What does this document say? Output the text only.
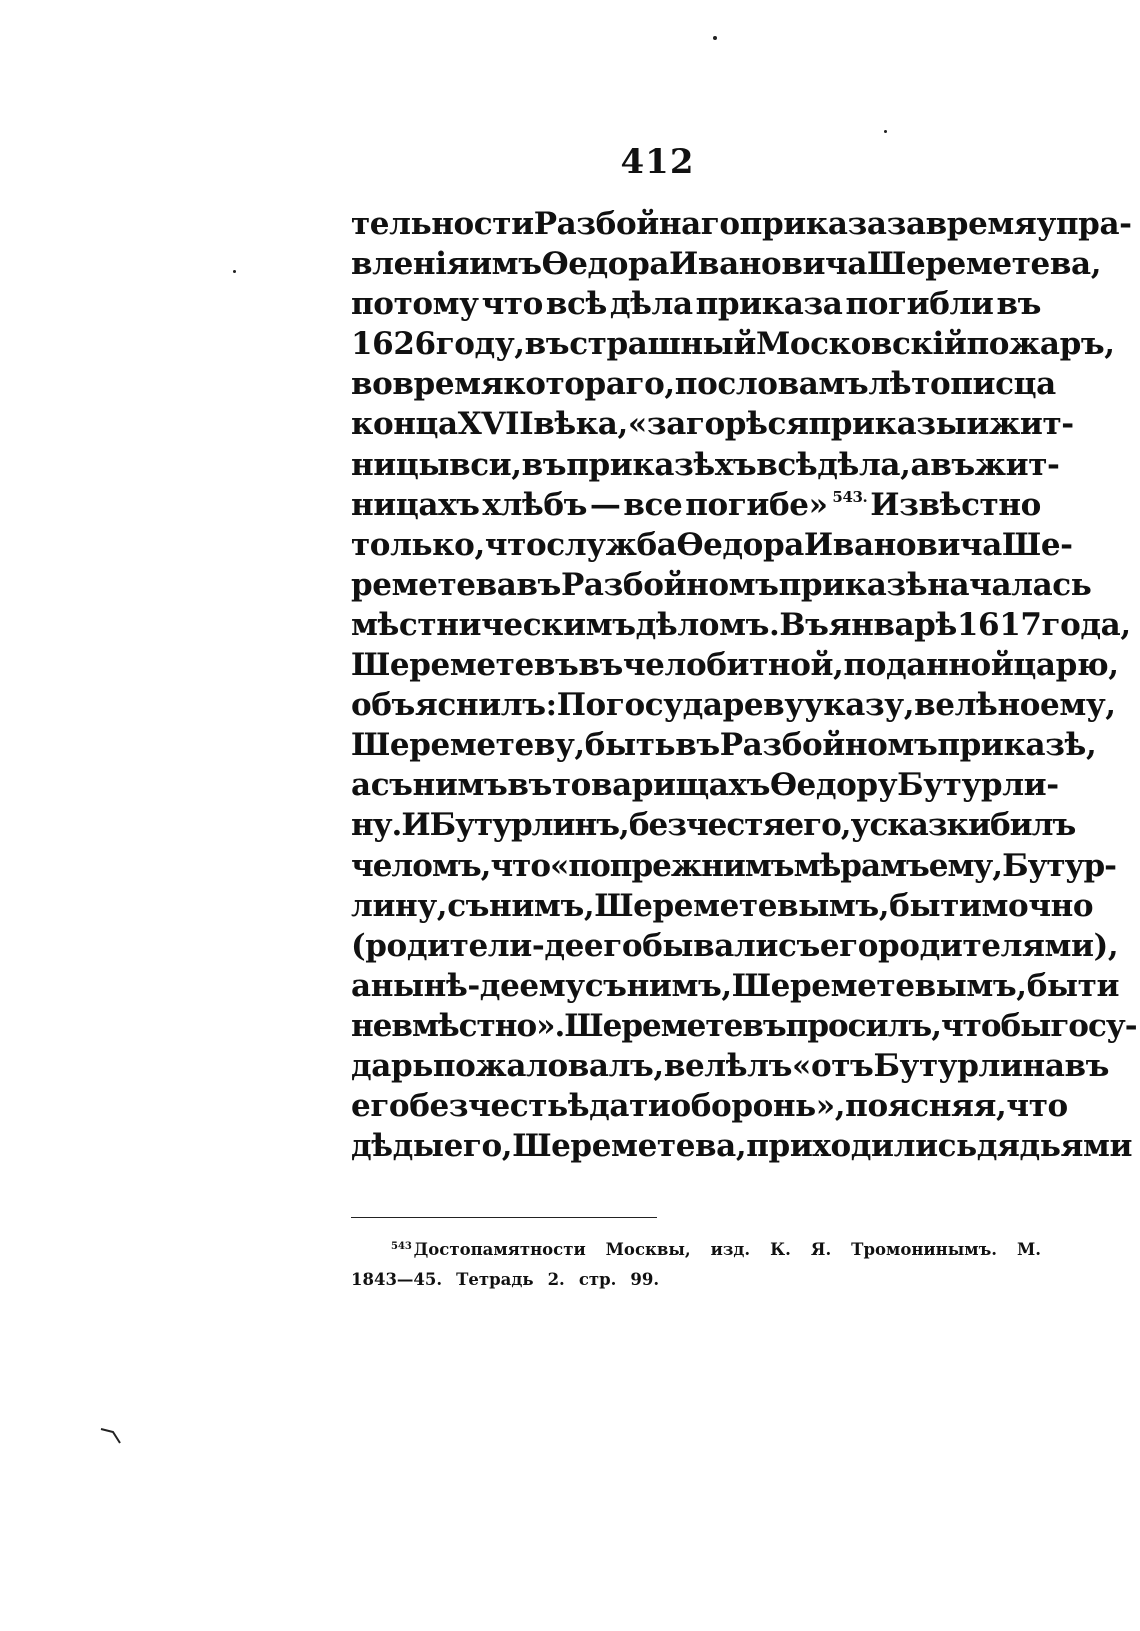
412
тельности Разбойнаго приказа за время упра-
вленія имъ Өедора Ивановича Шереметева,
потому что всѣ дѣла приказа погибли въ
1626 году, въ страшный Московскій пожаръ,
во время котораго, по словамъ лѣтописца
конца XVII вѣка, «загорѣся приказы и жит-
ницы вси, въ приказѣхъ всѣ дѣла, а въ жит-
ницахъ хлѣбъ — все погибе» $^{543.}$ Извѣстно
только, что служба Өедора Ивановича Ше-
реметева въ Разбойномъ приказѣ началась
мѣстническимъ дѣломъ. Въ январѣ 1617 года,
Шереметевъ въ челобитной, поданной царю,
объяснилъ: По государеву указу, велѣно ему,
Шереметеву, быть въ Разбойномъ приказѣ,
а съ нимъ въ товарищахъ Өедору Бутурли-
ну. И Бутурлинъ, безчестя его, у сказки билъ
челомъ, что «по прежнимъ мѣрамъ ему, Бутур-
лину, съ нимъ, Шереметевымъ, быти мочно
(родители-де его бывали съ его родителями),
а нынѣ-де ему съ нимъ, Шереметевымъ, быти
невмѣстно». Шереметевъ просилъ, чтобы госу-
дарь пожаловалъ, велѣлъ «отъ Бутурлина въ
его безчестьѣ дати оборонь», поясняя, что
дѣды его, Шереметева, приходились дядьями
$^{543}$ Достопамятности Москвы, изд. К. Я. Тромонинымъ. М.
1843—45. Тетрадь 2. стр. 99.
